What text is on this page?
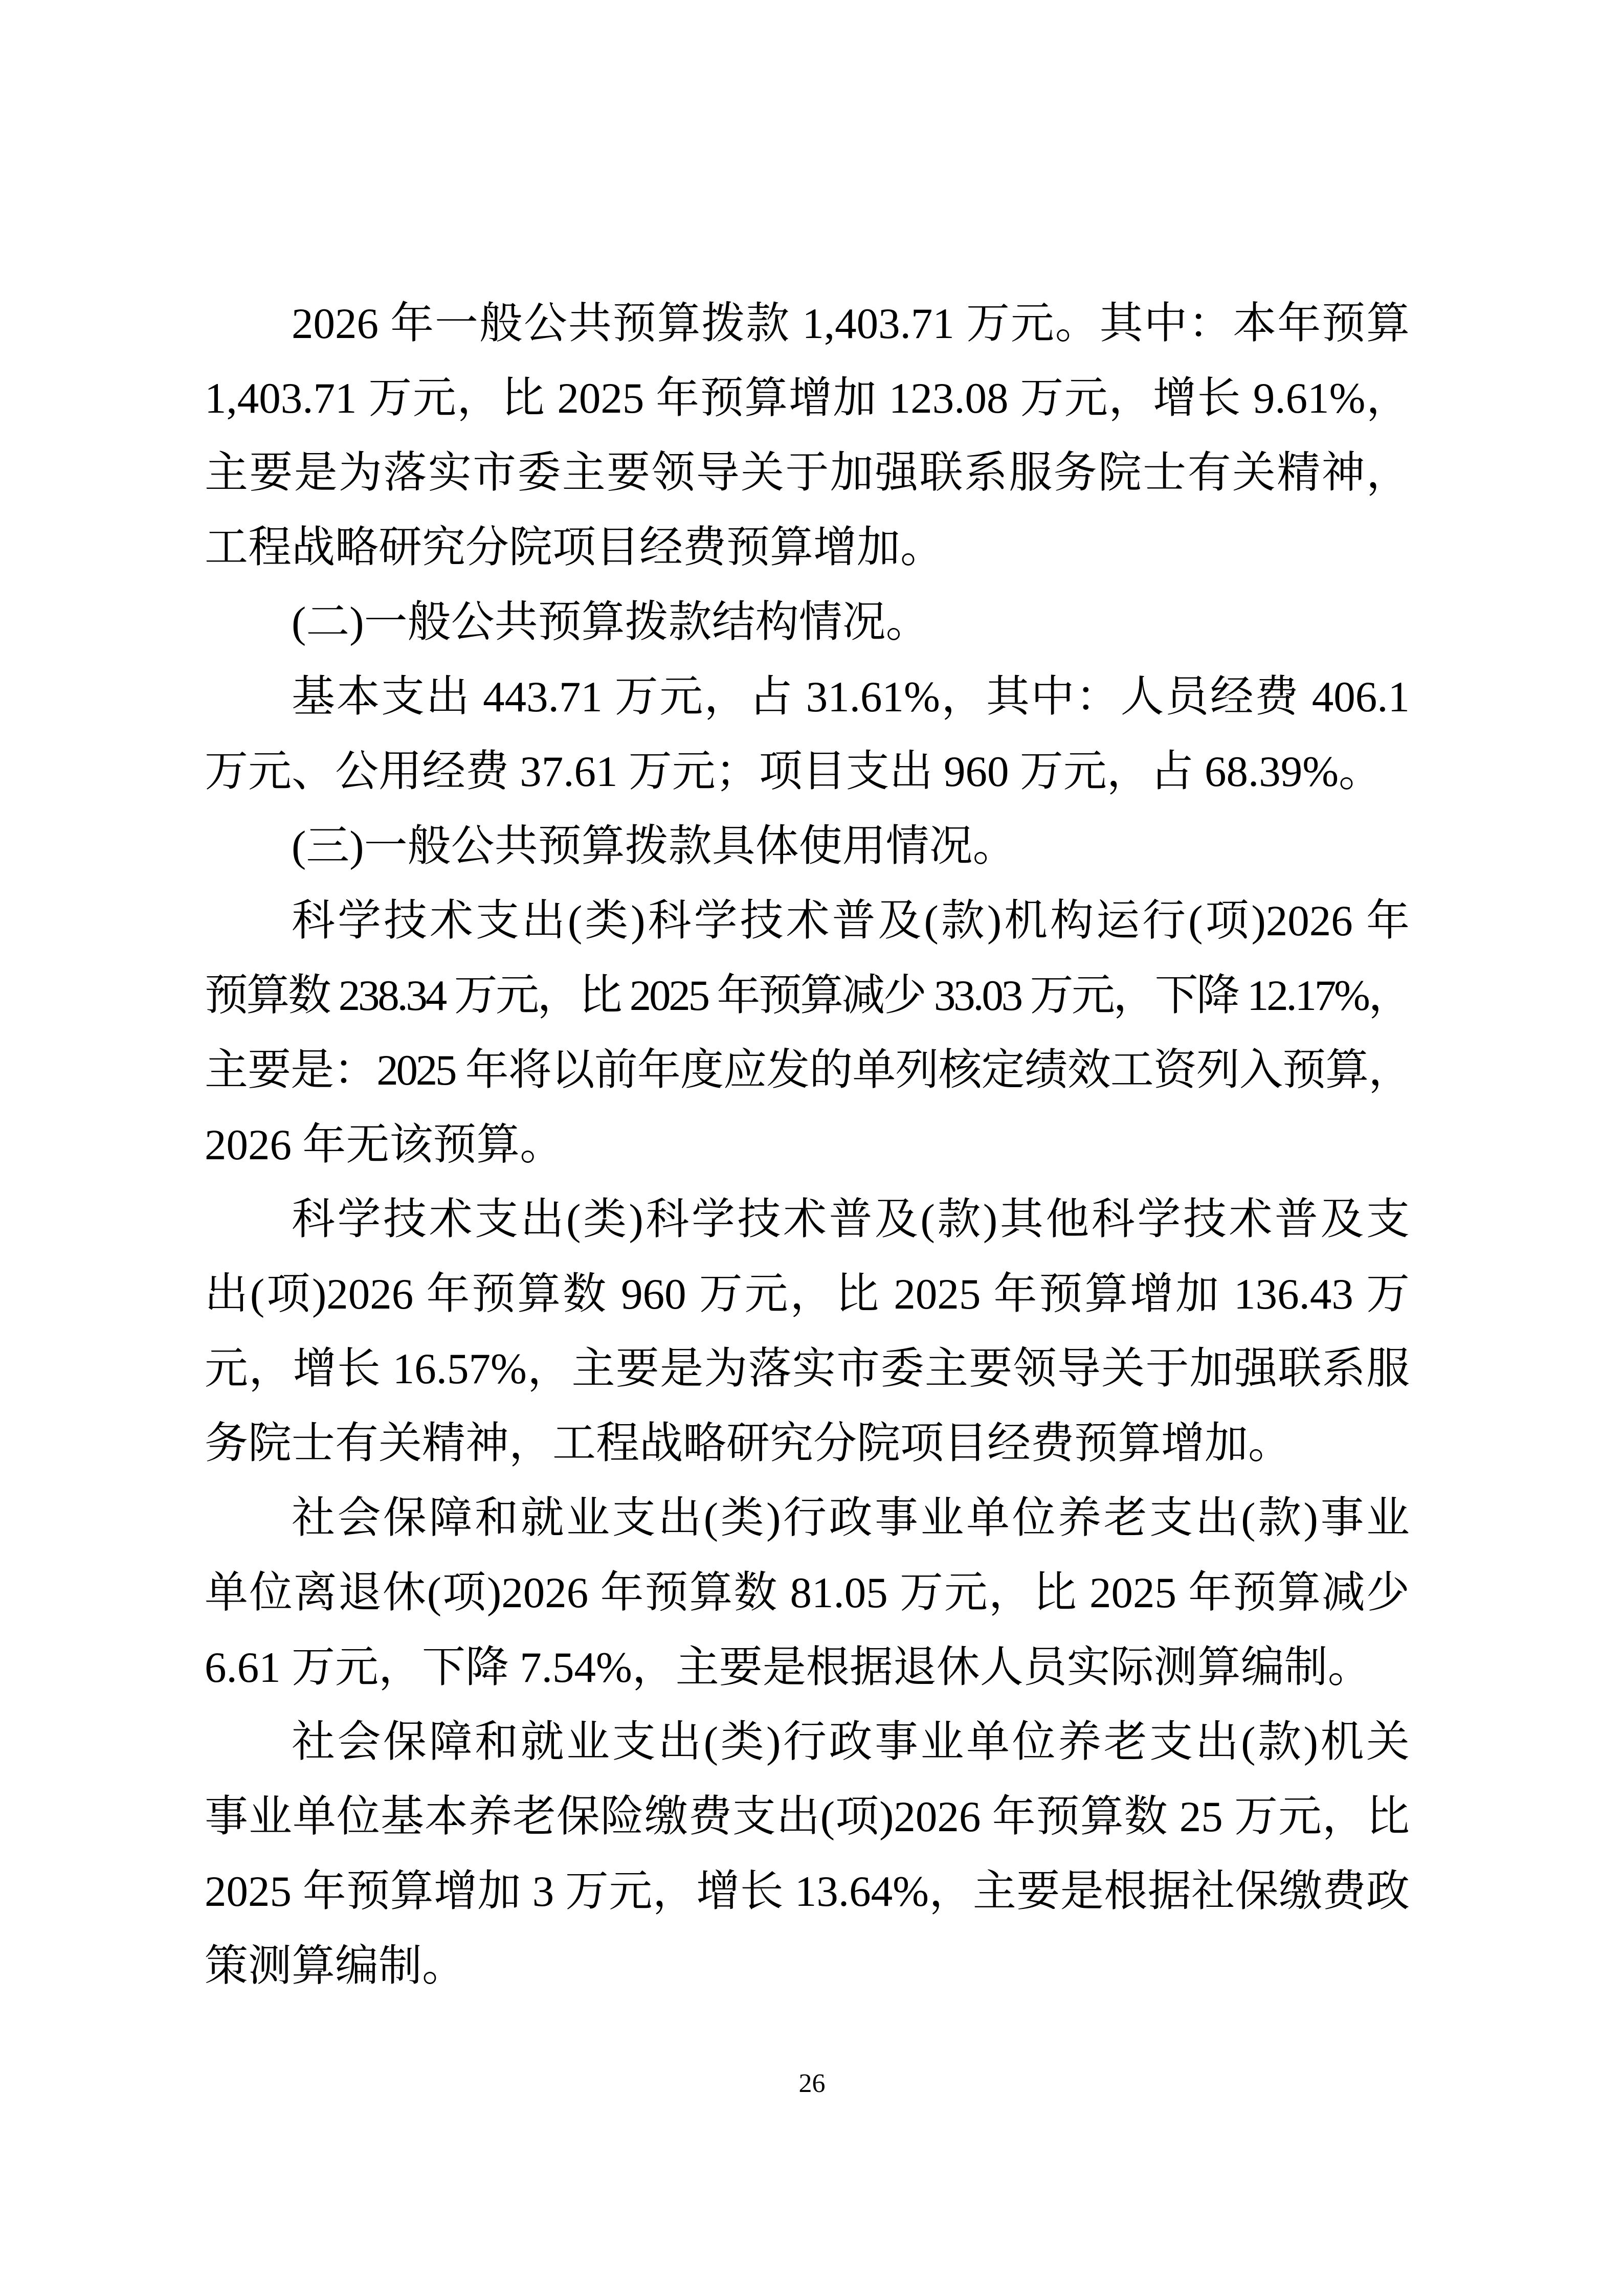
2026 年一般公共预算拨款 1,403.71 万元。其中：本年预算
1,403.71 万元，比 2025 年预算增加 123.08 万元，增长 9.61%，
主要是为落实市委主要领导关于加强联系服务院士有关精神，
工程战略研究分院项目经费预算增加。
(二)一般公共预算拨款结构情况。
基本支出 443.71 万元，占 31.61%，其中：人员经费 406.1
万元、公用经费 37.61 万元；项目支出 960 万元，占 68.39%。
(三)一般公共预算拨款具体使用情况。
科学技术支出(类)科学技术普及(款)机构运行(项)2026 年
预算数 238.34 万元，比 2025 年预算减少 33.03 万元，下降 12.17%，
主要是：2025 年将以前年度应发的单列核定绩效工资列入预算，
2026 年无该预算。
科学技术支出(类)科学技术普及(款)其他科学技术普及支
出(项)2026 年预算数 960 万元，比 2025 年预算增加 136.43 万
元，增长 16.57%，主要是为落实市委主要领导关于加强联系服
务院士有关精神，工程战略研究分院项目经费预算增加。
社会保障和就业支出(类)行政事业单位养老支出(款)事业
单位离退休(项)2026 年预算数 81.05 万元，比 2025 年预算减少
6.61 万元，下降 7.54%，主要是根据退休人员实际测算编制。
社会保障和就业支出(类)行政事业单位养老支出(款)机关
事业单位基本养老保险缴费支出(项)2026 年预算数 25 万元，比
2025 年预算增加 3 万元，增长 13.64%，主要是根据社保缴费政
策测算编制。
26
